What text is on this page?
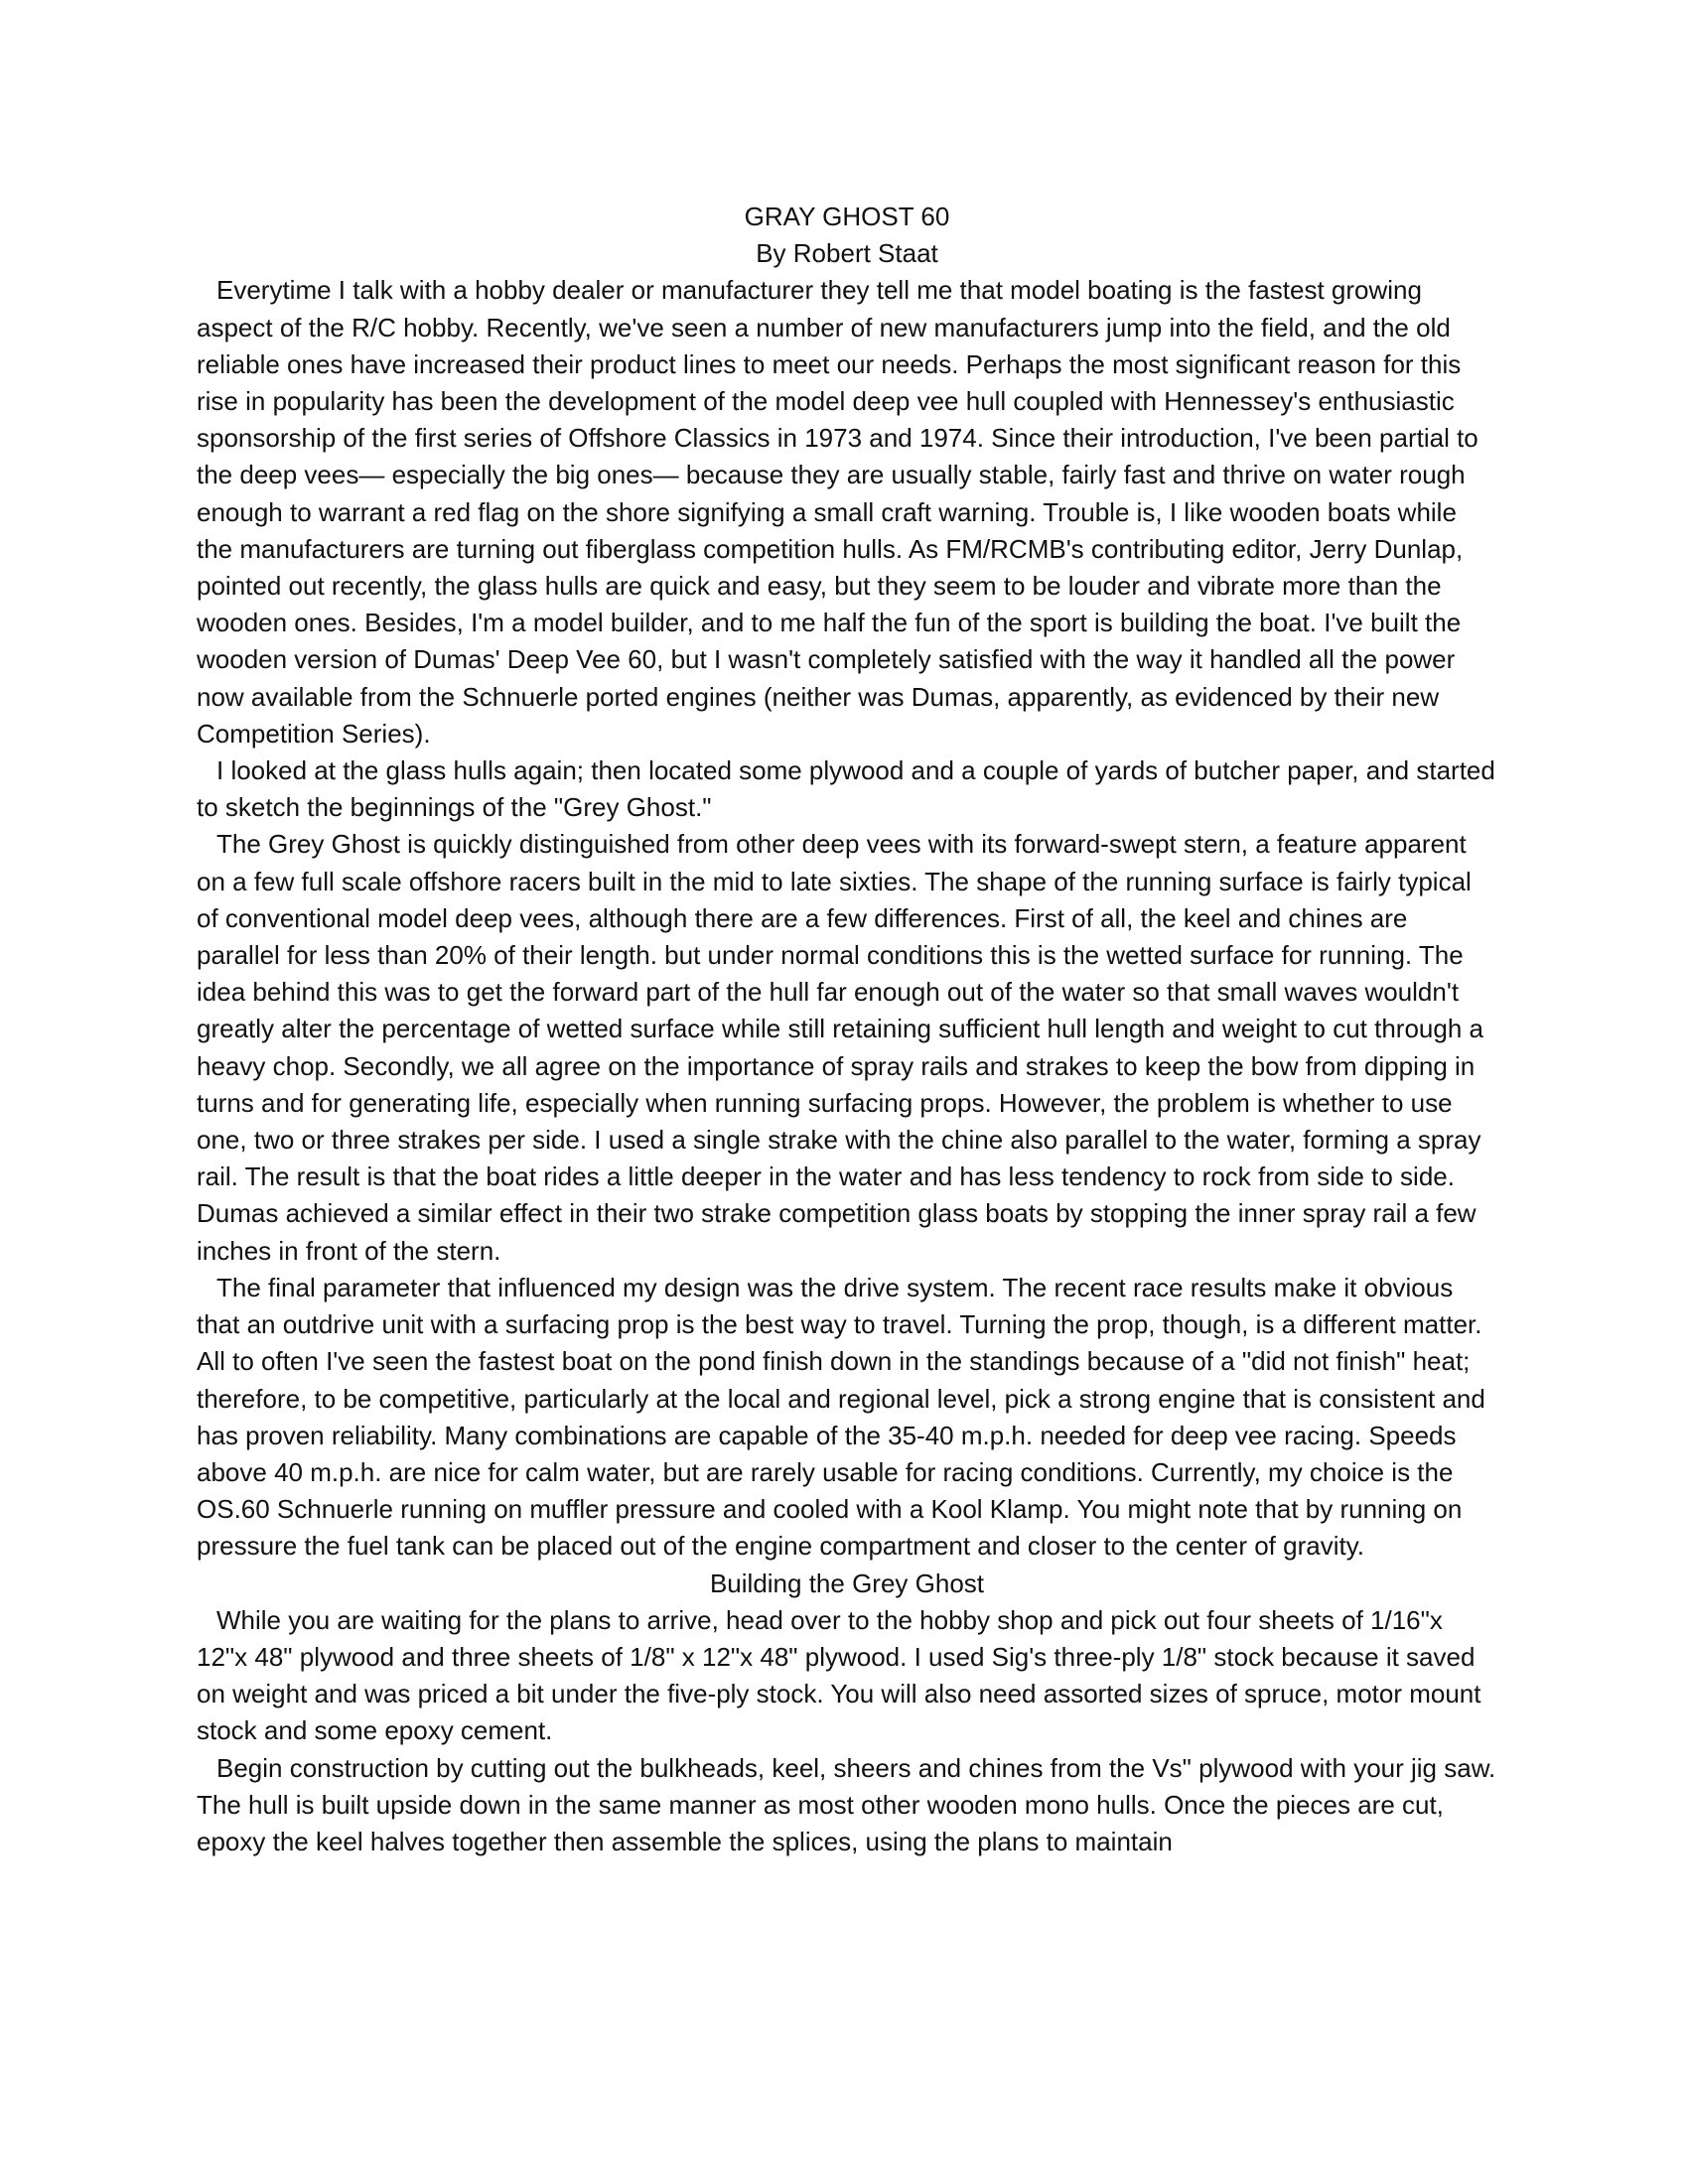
GRAY GHOST 60

By Robert Staat

Everytime I talk with a hobby dealer or manufacturer they tell me that model boating is the fastest growing aspect of the R/C hobby. Recently, we've seen a number of new manufacturers jump into the field, and the old reliable ones have increased their product lines to meet our needs. Perhaps the most significant reason for this rise in popularity has been the development of the model deep vee hull coupled with Hennessey's enthusiastic sponsorship of the first series of Offshore Classics in 1973 and 1974. Since their introduction, I've been partial to the deep vees— especially the big ones— because they are usually stable, fairly fast and thrive on water rough enough to warrant a red flag on the shore signifying a small craft warning. Trouble is, I like wooden boats while the manufacturers are turning out fiberglass competition hulls. As FM/RCMB's contributing editor, Jerry Dunlap, pointed out recently, the glass hulls are quick and easy, but they seem to be louder and vibrate more than the wooden ones. Besides, I'm a model builder, and to me half the fun of the sport is building the boat. I've built the wooden version of Dumas' Deep Vee 60, but I wasn't completely satisfied with the way it handled all the power now available from the Schnuerle ported engines (neither was Dumas, apparently, as evidenced by their new Competition Series).

I looked at the glass hulls again; then located some plywood and a couple of yards of butcher paper, and started to sketch the beginnings of the "Grey Ghost."

The Grey Ghost is quickly distinguished from other deep vees with its forward-swept stern, a feature apparent on a few full scale offshore racers built in the mid to late sixties. The shape of the running surface is fairly typical of conventional model deep vees, although there are a few differences. First of all, the keel and chines are parallel for less than 20% of their length. but under normal conditions this is the wetted surface for running. The idea behind this was to get the forward part of the hull far enough out of the water so that small waves wouldn't greatly alter the percentage of wetted surface while still retaining sufficient hull length and weight to cut through a heavy chop. Secondly, we all agree on the importance of spray rails and strakes to keep the bow from dipping in turns and for generating life, especially when running surfacing props. However, the problem is whether to use one, two or three strakes per side. I used a single strake with the chine also parallel to the water, forming a spray rail. The result is that the boat rides a little deeper in the water and has less tendency to rock from side to side. Dumas achieved a similar effect in their two strake competition glass boats by stopping the inner spray rail a few inches in front of the stern.

The final parameter that influenced my design was the drive system. The recent race results make it obvious that an outdrive unit with a surfacing prop is the best way to travel. Turning the prop, though, is a different matter. All to often I've seen the fastest boat on the pond finish down in the standings because of a "did not finish" heat; therefore, to be competitive, particularly at the local and regional level, pick a strong engine that is consistent and has proven reliability. Many combinations are capable of the 35-40 m.p.h. needed for deep vee racing. Speeds above 40 m.p.h. are nice for calm water, but are rarely usable for racing conditions. Currently, my choice is the OS.60 Schnuerle running on muffler pressure and cooled with a Kool Klamp. You might note that by running on pressure the fuel tank can be placed out of the engine compartment and closer to the center of gravity.

Building the Grey Ghost

While you are waiting for the plans to arrive, head over to the hobby shop and pick out four sheets of 1/16"x 12"x 48" plywood and three sheets of 1/8" x 12"x 48" plywood. I used Sig's three-ply 1/8" stock because it saved on weight and was priced a bit under the five-ply stock. You will also need assorted sizes of spruce, motor mount stock and some epoxy cement.

Begin construction by cutting out the bulkheads, keel, sheers and chines from the Vs" plywood with your jig saw. The hull is built upside down in the same manner as most other wooden mono hulls. Once the pieces are cut, epoxy the keel halves together then assemble the splices, using the plans to maintain
